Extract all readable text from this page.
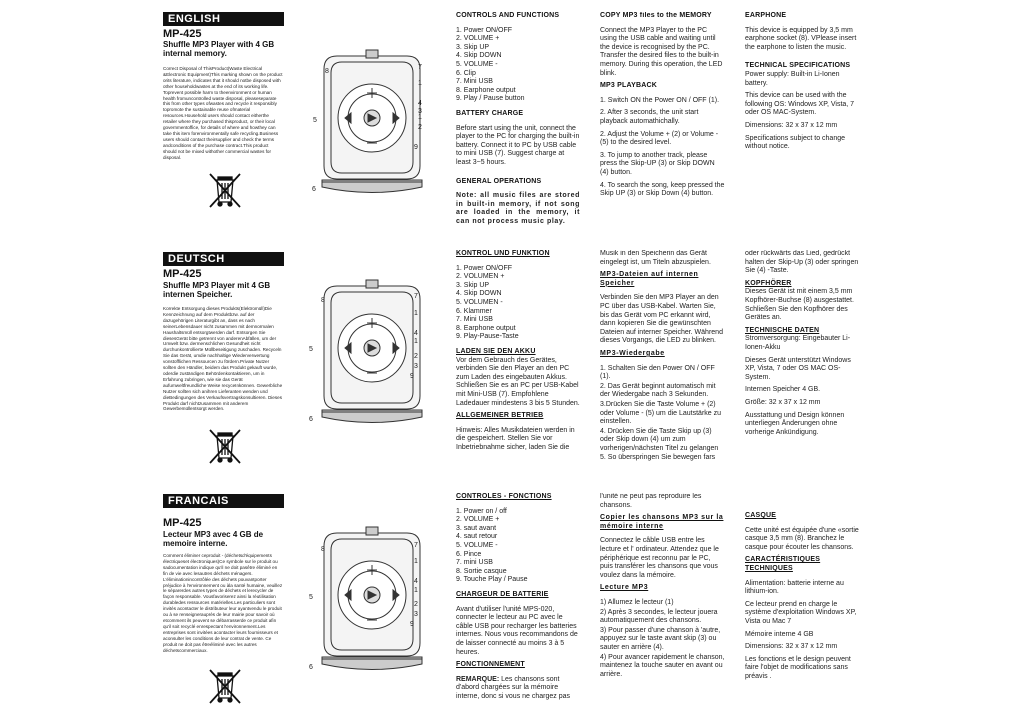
ENGLISH
MP-425
Shuffle MP3 Player with 4 GB internal memory.
Correct Disposal of ThisProduct(Waste Electrical &Electronic Equipment)This marking shown on the product orits literature, indicates that it should notbe disposed with other householdwastes at the end of its working life. Toprevent possible harm to theenvironment or human health fromuncontrolled waste disposal, pleaseseparate this from other types ofwastes and recycle it responsibly topromote the sustainable reuse ofmaterial resources.Household users should contact eitherthe retailer where they purchased thisproduct, or their local governmentoffice, for details of where and howthey can take this item forenvironmentally safe recycling.Business users should contact theirsupplier and check the terms andconditions of the purchase contract.This product should not be mixed withother commercial wastes for disposal.
8
7
1
4
5	1
2
3
9
6
CONTROLS AND FUNCTIONS
1. Power ON/OFF
2. VOLUME +
3. Skip UP
4. Skip DOWN
5. VOLUME -
6. Clip
7. Mini USB
8. Earphone output
9. Play / Pause button
BATTERY CHARGE

Before start using the unit, connect the player to the PC for charging the built-in battery. Connect it to PC by USB cable to mini USB (7). Suggest charge at least 3~5 hours.

GENERAL OPERATIONS

Note: all music files are stored in built-in memory, if not song are loaded in the memory, it can not process music play.

COPY MP3 files to the MEMORY

Connect the MP3 Player to the PC using the USB cable and waiting until the device is recognised by the PC. Transfer the desired files to the built-in memory. During this operation, the LED blink.

MP3 PLAYBACK

1. Switch ON the Power ON / OFF (1).

2. After 3 seconds, the unit start playback automathichally.

2. Adjust the Volume + (2) or Volume - (5) to the desired level.

3. To jump to another track, please press the Skip-UP (3) or Skip DOWN (4) button.

4. To search the song, keep pressed the Skip UP (3) or Skip Down (4) button.

EARPHONE

This device is equipped by 3,5 mm earphone socket (8). VPlease insert the earphone to listen the music.

TECHNICAL SPECIFICATIONS

Power supply: Built-in Li-Ionen battery.

This device can be used with the following OS: Windows XP, Vista, 7 oder OS MAC-System.

Dimensions: 32 x 37 x 12 mm

Specifications subject to change without notice.

DEUTSCH
MP-425
Shuffle MP3 Player mit 4 GB internen Speicher.
Korrekte Entsorgung dieses Produkts(Elektromüll)Die Kennzeichnung auf dem Produktbzw. auf der dazugehörigen Literaturgibt an, dass es nach seinerLebensdauer nicht zusammen mit demnormalen Haushaltsmüll entsorgtwerden darf. Entsorgen Sie diesesGerät bitte getrennt von anderenAbfällen, um der Umwelt bzw. dermenschlichen Gesundheit nicht durchunkontrollierte Müllbeseitigung zuschaden. Recyceln Sie das Gerät, umdie nachhaltige Wiederverwertung vonstofflichen Ressourcen zu fördern.Private Nutzer sollten den Händler, beidem das Produkt gekauft wurde, oderdie zuständigen Behördenkontaktieren, um in Erfahrung zubringen, wie sie das Gerät aufumweltfreundliche Weise recyceInkönnen. Gewerbliche Nutzer sollten sich anihren Lieferanten wenden und dieBedingungen des Verkaufsvertragskonsultieren. Dieses Produkt darf nichtzusammen mit anderem Gewerbemüllentsorgt werden.
8
7
1
4
5
1
2
3
9
6
KONTROL UND FUNKTION
1. Power ON/OFF
2. VOLUMEN +
3. Skip UP
4. Skip DOWN
5. VOLUMEN -
6. Klammer
7. Mini USB
8. Earphone output
9. Play-Pause-Taste
LADEN SIE DEN AKKU

Vor dem Gebrauch des Gerätes, verbinden Sie den Player an den PC zum Laden des eingebauten Akkus. Schließen Sie es an PC per USB-Kabel mit Mini-USB (7). Empfohlene Ladedauer mindestens 3 bis 5 Stunden.

ALLGEMEINER BETRIEB

Hinweis: Alles Musikdateien werden in die gespeichert. Stellen Sie vor Inbetriebnahme sicher, laden Sie die

Musik in den Speicherin das Gerät eingelegt ist, um Titeln abzuspielen.

MP3-Dateien auf internen Speicher

Verbinden Sie den MP3 Player an den PC über das USB-Kabel. Warten Sie, bis das Gerät vom PC erkannt wird, dann kopieren Sie die gewünschten Dateien auf interner Speicher. Während dieses Vorgangs, die LED zu blinken.

MP3-Wiedergabe

1. Schalten Sie den Power ON / OFF (1).

2. Das Gerät beginnt automatisch mit der Wiedergabe nach 3 Sekunden.

3.Drücken Sie die Taste Volume + (2) oder Volume - (5) um die Lautstärke zu einstellen.

4. Drücken Sie die Taste Skip up (3) oder Skip down (4) um zum vorherigen/nächsten Titel zu gelangen

5. So überspringen Sie bewegen fars

oder rückwärts das Lied, gedrückt halten der Skip-Up (3) oder springen Sie (4) -Taste.

KOPFHÖRER

Dieses Gerät ist mit einem 3,5 mm Kopfhörer-Buchse (8) ausgestattet. Schließen Sie den Kopfhörer des Gerätes an.

TECHNISCHE DATEN

Stromversorgung: Eingebauter Li-Ionen-Akku

Dieses Gerät unterstützt Windows XP, Vista, 7 oder OS MAC OS-System.

Internen Speicher 4 GB.

Größe: 32 x 37 x 12 mm

Ausstattung und Design können unterliegen Änderungen ohne vorherige Ankündigung.

FRANCAIS
MP-425
Lecteur MP3 avec 4 GB de memoire interne.
Comment éliminer ceproduit - (déchetsd'équipements électriqueset électroniques)Ce symbole sur le produit ou sadocumentation indique qu'il ne doit pasêtre éliminé en fin de vie avec lesautres déchets ménagers. L'éliminationincontrôlée des déchets pouvantporter préjudice à l'environnement ou àla santé humaine, veuillez le séparerdes autres types de déchets et lerecycler de façon responsable. Vousfavoriserez ainsi la réutilisation durabledes ressources matérielles.Les particuliers sont invités acontacter le distributeur leur ayantvendu le produit ou à se renseignerauprès de leur mairie pour savoir où etcomment ils peuvent se débarrasserde ce produit afin qu'il soit recyclé enrespectant l'environnement.Les entreprises sont invitées acontacter leurs fournisseurs et aconsulter les conditions de leur contrat de vente. Ce produit ne doit pas êtreéliminé avec les autres déchetscommerciaux.
8
7
1
4
5
1
2
3
9
6
CONTRÔLES - FONCTIONS
1. Power on / off
2. VOLUME +
3. saut avant
4. saut retour
5. VOLUME -
6. Pince
7. mini USB
8. Sortie casque
9. Touche Play / Pause
CHARGEUR DE BATTERIE

Avant d'utiliser l'unité MPS-020, connecter le lecteur au PC avec le câble USB pour recharger les batteries internes. Nous vous recommandons de de laisser connecté au moins 3 à 5 heures.

FONCTIONNEMENT

REMARQUE: Les chansons sont d'abord chargées sur la mémoire interne, donc si vous ne chargez pas

l'unité ne peut pas reproduire les chansons.

Copier les chansons MP3 sur la mémoire interne

Connectez le câble USB entre les lecture et l' ordinateur. Attendez que le périphérique est reconnu par le PC, puis transférer les chansons que vous voulez dans la mémoire.

Lecture MP3

1) Allumez le lecteur (1)

2) Après 3 secondes, le lecteur jouera automatiquement des chansons.

3) Pour passer d'une chanson à 'autre, appuyez sur le taste avant skip (3) ou sauter en arrière (4).

4) Pour avancer rapidement le chanson, maintenez la touche sauter en avant ou arrière.

CASQUE

Cette unité est équipée d'une «sortie casque 3,5 mm (8). Branchez le casque pour écouter les chansons.

CARACTÉRISTIQUES TECHNIQUES

Alimentation: batterie interne au lithium-ion.

Ce lecteur prend en charge le système d'exploitation Windows XP, Vista ou Mac 7

Mémoire interne 4 GB

Dimensions: 32 x 37 x 12 mm

Les fonctions et le design peuvent faire l'objet de modifications sans préavis .
